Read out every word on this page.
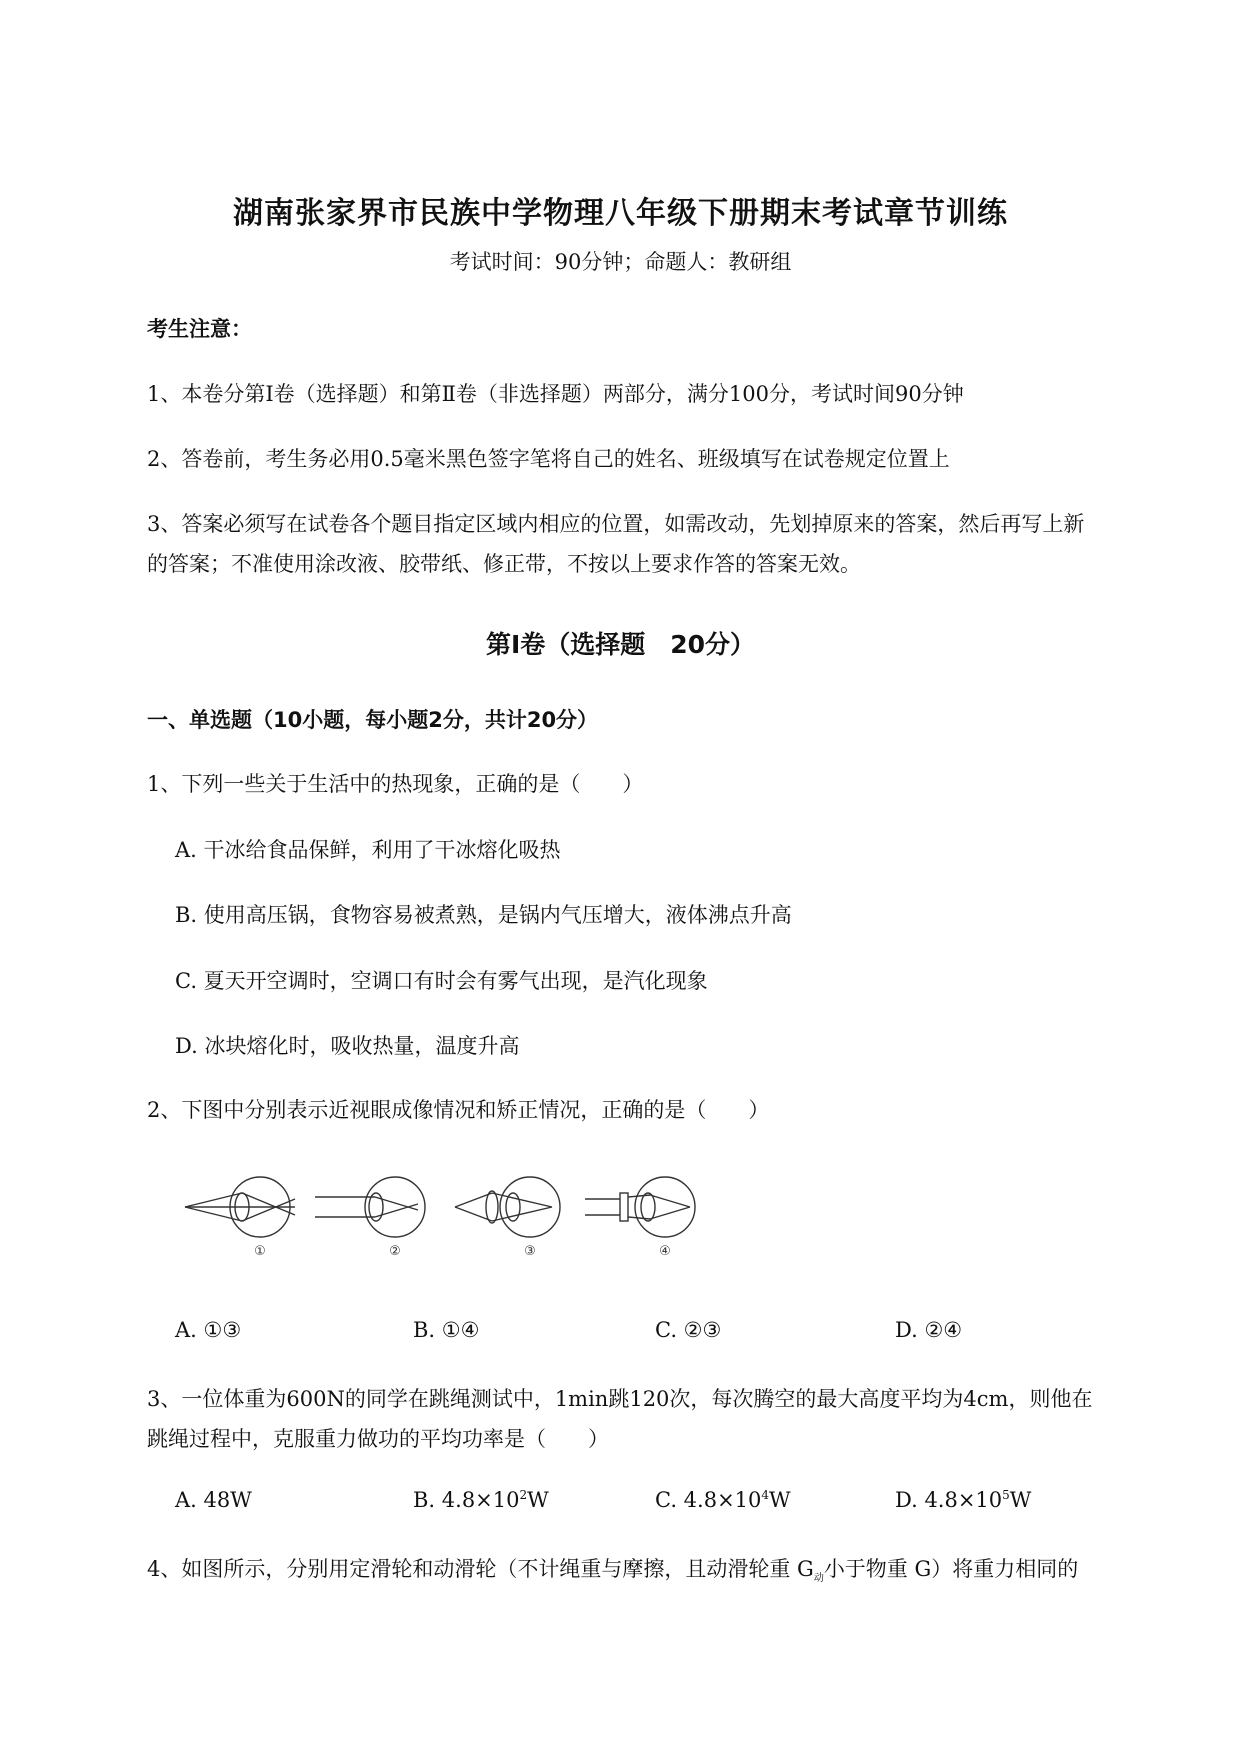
湖南张家界市民族中学物理八年级下册期末考试章节训练
考试时间：90分钟；命题人：教研组
考生注意：
1、本卷分第I卷（选择题）和第Ⅱ卷（非选择题）两部分，满分100分，考试时间90分钟
2、答卷前，考生务必用0.5毫米黑色签字笔将自己的姓名、班级填写在试卷规定位置上
3、答案必须写在试卷各个题目指定区域内相应的位置，如需改动，先划掉原来的答案，然后再写上新
的答案；不准使用涂改液、胶带纸、修正带，不按以上要求作答的答案无效。
第I卷（选择题　20分）
一、单选题（10小题，每小题2分，共计20分）
1、下列一些关于生活中的热现象，正确的是（　　）
A. 干冰给食品保鲜，利用了干冰熔化吸热
B. 使用高压锅，食物容易被煮熟，是锅内气压增大，液体沸点升高
C. 夏天开空调时，空调口有时会有雾气出现，是汽化现象
D. 冰块熔化时，吸收热量，温度升高
2、下图中分别表示近视眼成像情况和矫正情况，正确的是（　　）
①	②	③	④
A. ①③	B. ①④	C. ②③	D. ②④
3、一位体重为600N的同学在跳绳测试中，1min跳120次，每次腾空的最大高度平均为4cm，则他在
跳绳过程中，克服重力做功的平均功率是（　　）
A. 48W	B. $4.8\times 10^2W$	C. $4.8\times 10^4W$	D. $4.8\times 10^5W$
4、如图所示，分别用定滑轮和动滑轮（不计绳重与摩擦，且动滑轮重 $G_动$小于物重 G）将重力相同的
